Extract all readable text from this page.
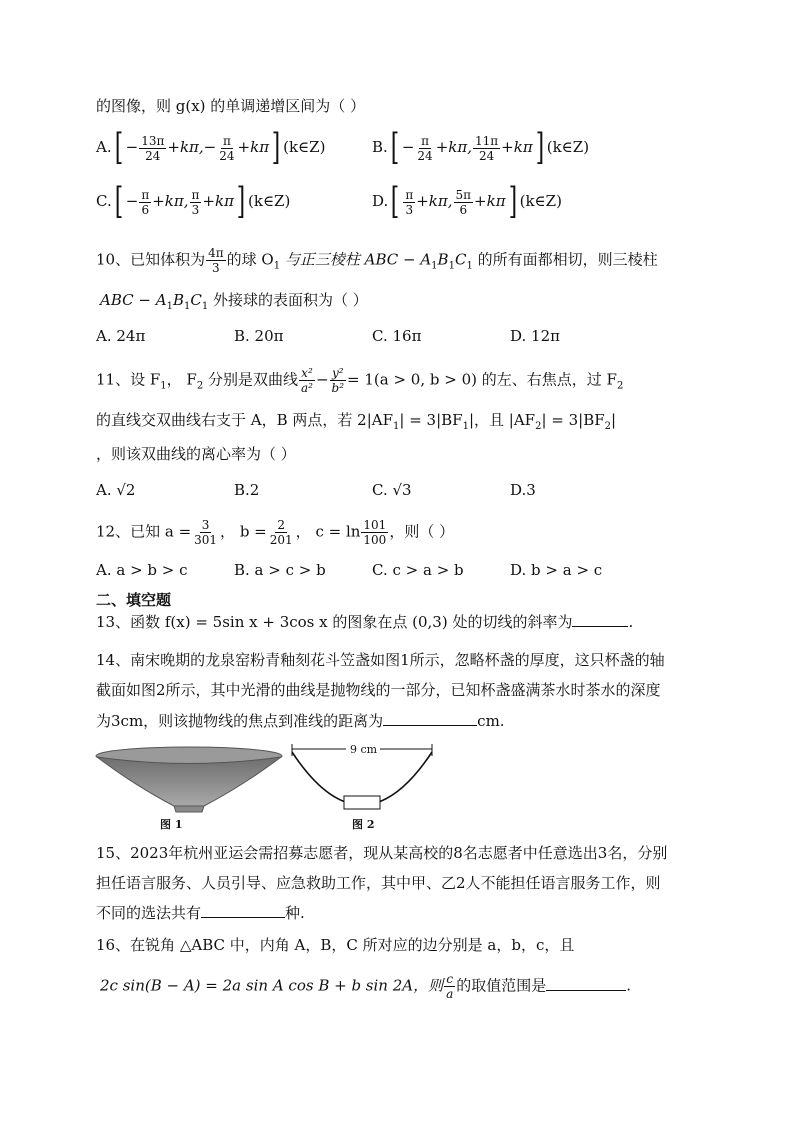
的图像，则 g(x) 的单调递增区间为（ ）
$A.[ - \frac{13\pi}{24} +k\pi,- \frac{\pi}{24} +k\pi]$ (k∈Z)	$B.[ - \frac{\pi}{24} +k\pi$, $\frac{11\pi}{24} +k\pi$] (k∈Z)
$C.[ - \frac{\pi}{6} +k\pi$, $\frac{\pi}{3} +k\pi$] (k∈Z)	$D.[ \frac{\pi}{3} +k\pi$, $\frac{5\pi}{6} +k\pi$] (k∈Z)
10、已知体积为 $\frac{4\pi}{3}$ 的球 $O_1$ 与正三棱柱 ABC − $A_1B_1C_1$ 的所有面都相切，则三棱柱
ABC − $A_1B_1C_1$ 外接球的表面积为（ ）
A. 24π	B. 20π	C. 16π	D. 12π
11、设 $F_1$， $F_2$ 分别是双曲线 $\frac{\text{x²}}{\text{a²}} - \frac{\text{y²}}{\text{b²}} = 1(a > 0$, b > 0) 的左、右焦点，过 $F_2$
的直线交双曲线右支于 A，B 两点，若 $2|AF_1| = 3|BF_1|$，且 $|AF_2| = 3|BF_2|$
，则该双曲线的离心率为（ ）
A. √2	B.2	C. √3	D.3
12、已知 $a = \frac{3}{301}$ ， $b = \frac{2}{201}$ ， $c = \ln \frac{101}{100}$ ，则（ ）
A. a > b > c	B. a > c > b	C. c > a > b	D. b > a > c
二、填空题
13、函数 f(x) = 5sin x + 3cos x 的图象在点 (0,3) 处的切线的斜率为	.
14、南宋晚期的龙泉窑粉青釉刻花斗笠盏如图1所示，忽略杯盏的厚度，这只杯盏的轴
截面如图2所示，其中光滑的曲线是抛物线的一部分，已知杯盏盛满茶水时茶水的深度
为3cm，则该抛物线的焦点到准线的距离为	cm.
图 1
9 cm
图 2
15、2023年杭州亚运会需招募志愿者，现从某高校的8名志愿者中任意选出3名，分别
担任语言服务、人员引导、应急救助工作，其中甲、乙2人不能担任语言服务工作，则
不同的选法共有	种.
16、在锐角 △ABC 中，内角 A，B，C 所对应的边分别是 a，b，c，且
2c sin(B − A) = 2a sin A cos B + b sin 2A，则 $\frac{c}{a}$ 的取值范围是	.
